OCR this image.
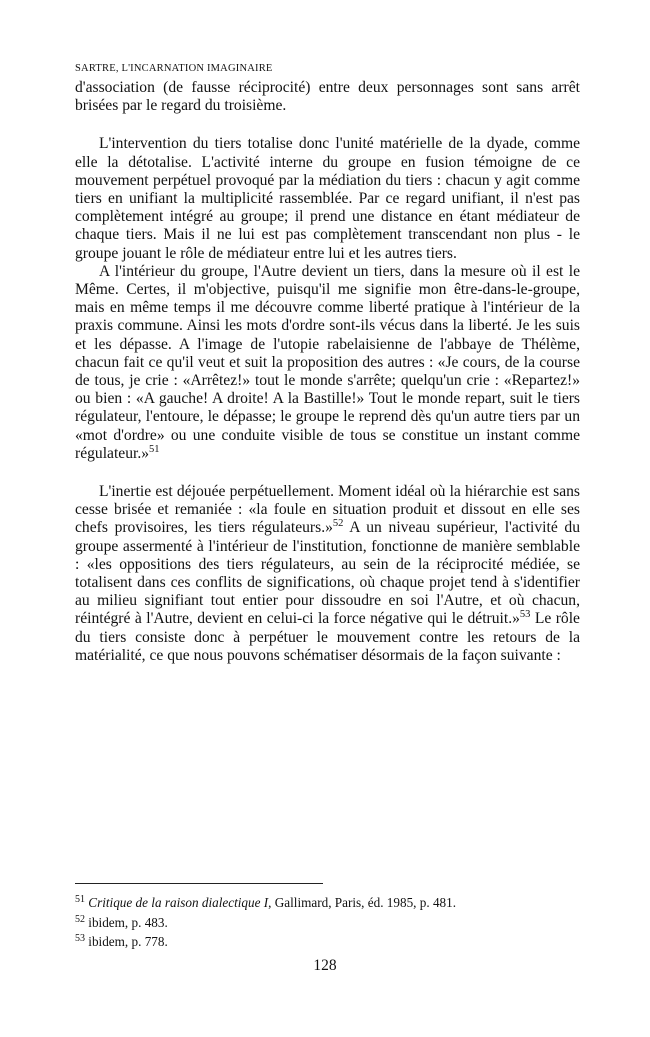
SARTRE, L'INCARNATION IMAGINAIRE

d'association (de fausse réciprocité) entre deux personnages sont sans arrêt brisées par le regard du troisième.

L'intervention du tiers totalise donc l'unité matérielle de la dyade, comme elle la détotalise. L'activité interne du groupe en fusion témoigne de ce mouvement perpétuel provoqué par la médiation du tiers : chacun y agit comme tiers en unifiant la multiplicité rassemblée. Par ce regard unifiant, il n'est pas complètement intégré au groupe; il prend une distance en étant médiateur de chaque tiers. Mais il ne lui est pas complètement transcendant non plus - le groupe jouant le rôle de médiateur entre lui et les autres tiers.

A l'intérieur du groupe, l'Autre devient un tiers, dans la mesure où il est le Même. Certes, il m'objective, puisqu'il me signifie mon être-dans-le-groupe, mais en même temps il me découvre comme liberté pratique à l'intérieur de la praxis commune. Ainsi les mots d'ordre sont-ils vécus dans la liberté. Je les suis et les dépasse. A l'image de l'utopie rabelaisienne de l'abbaye de Thélème, chacun fait ce qu'il veut et suit la proposition des autres : «Je cours, de la course de tous, je crie : «Arrêtez!» tout le monde s'arrête; quelqu'un crie : «Repartez!» ou bien : «A gauche! A droite! A la Bastille!» Tout le monde repart, suit le tiers régulateur, l'entoure, le dépasse; le groupe le reprend dès qu'un autre tiers par un «mot d'ordre» ou une conduite visible de tous se constitue un instant comme régulateur.»$^{51}$

L'inertie est déjouée perpétuellement. Moment idéal où la hiérarchie est sans cesse brisée et remaniée : «la foule en situation produit et dissout en elle ses chefs provisoires, les tiers régulateurs.»$^{52}$ A un niveau supérieur, l'activité du groupe assermenté à l'intérieur de l'institution, fonctionne de manière semblable : «les oppositions des tiers régulateurs, au sein de la réciprocité médiée, se totalisent dans ces conflits de significations, où chaque projet tend à s'identifier au milieu signifiant tout entier pour dissoudre en soi l'Autre, et où chacun, réintégré à l'Autre, devient en celui-ci la force négative qui le détruit.»$^{53}$ Le rôle du tiers consiste donc à perpétuer le mouvement contre les retours de la matérialité, ce que nous pouvons schématiser désormais de la façon suivante :

$^{51}$ Critique de la raison dialectique I, Gallimard, Paris, éd. 1985, p. 481.
$^{52}$ ibidem, p. 483.
$^{53}$ ibidem, p. 778.
128
